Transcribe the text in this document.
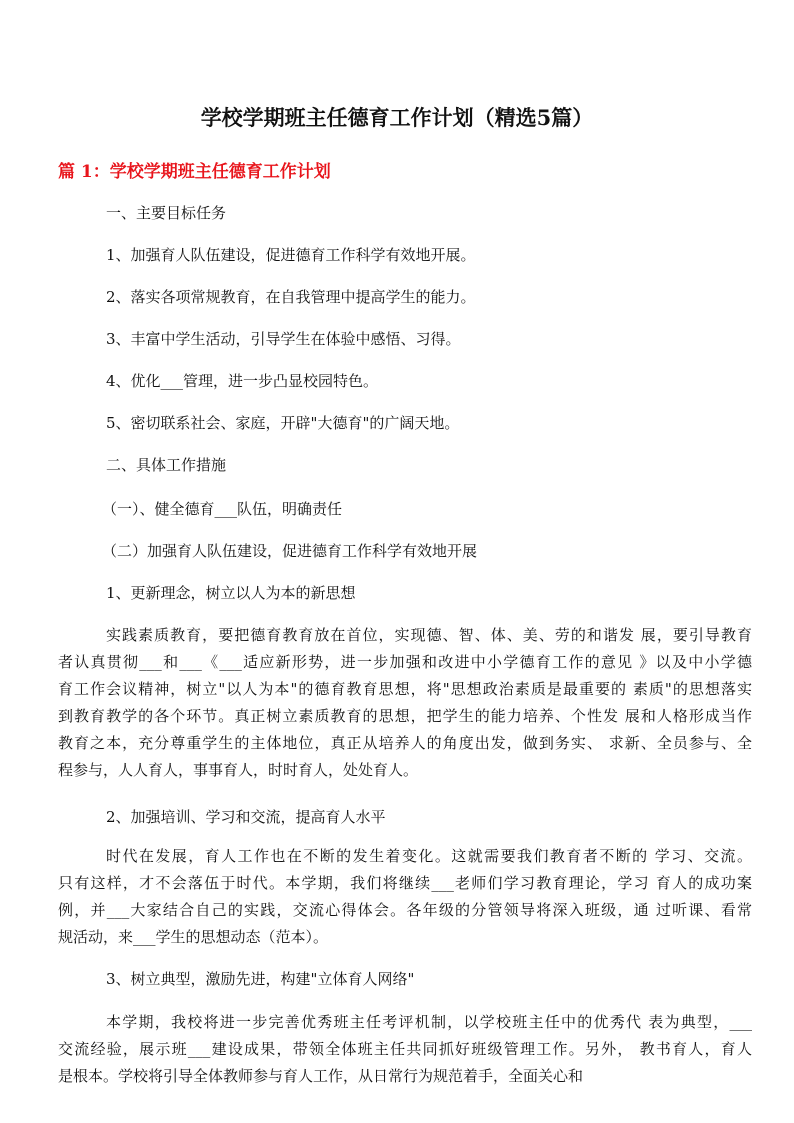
学校学期班主任德育工作计划（精选5篇）
篇 1：学校学期班主任德育工作计划
一、主要目标任务
1、加强育人队伍建设，促进德育工作科学有效地开展。
2、落实各项常规教育，在自我管理中提高学生的能力。
3、丰富中学生活动，引导学生在体验中感悟、习得。
4、优化___管理，进一步凸显校园特色。
5、密切联系社会、家庭，开辟"大德育"的广阔天地。
二、具体工作措施
（一）、健全德育___队伍，明确责任
（二）加强育人队伍建设，促进德育工作科学有效地开展
1、更新理念，树立以人为本的新思想
实践素质教育，要把德育教育放在首位，实现德、智、体、美、劳的和谐发 展，要引导教育
者认真贯彻___和___《___适应新形势，进一步加强和改进中小学德育工作的意见 》以及中小学德
育工作会议精神，树立"以人为本"的德育教育思想，将"思想政治素质是最重要的 素质"的思想落实
到教育教学的各个环节。真正树立素质教育的思想，把学生的能力培养、个性发 展和人格形成当作
教育之本，充分尊重学生的主体地位，真正从培养人的角度出发，做到务实、 求新、全员参与、全
程参与，人人育人，事事育人，时时育人，处处育人。
2、加强培训、学习和交流，提高育人水平
时代在发展，育人工作也在不断的发生着变化。这就需要我们教育者不断的 学习、交流。
只有这样，才不会落伍于时代。本学期，我们将继续___老师们学习教育理论，学习 育人的成功案
例，并___大家结合自己的实践，交流心得体会。各年级的分管领导将深入班级，通 过听课、看常
规活动，来___学生的思想动态（范本）。
3、树立典型，激励先进，构建"立体育人网络"
本学期，我校将进一步完善优秀班主任考评机制，以学校班主任中的优秀代 表为典型，___
交流经验，展示班___建设成果，带领全体班主任共同抓好班级管理工作。另外， 教书育人，育人
是根本。学校将引导全体教师参与育人工作，从日常行为规范着手，全面关心和
